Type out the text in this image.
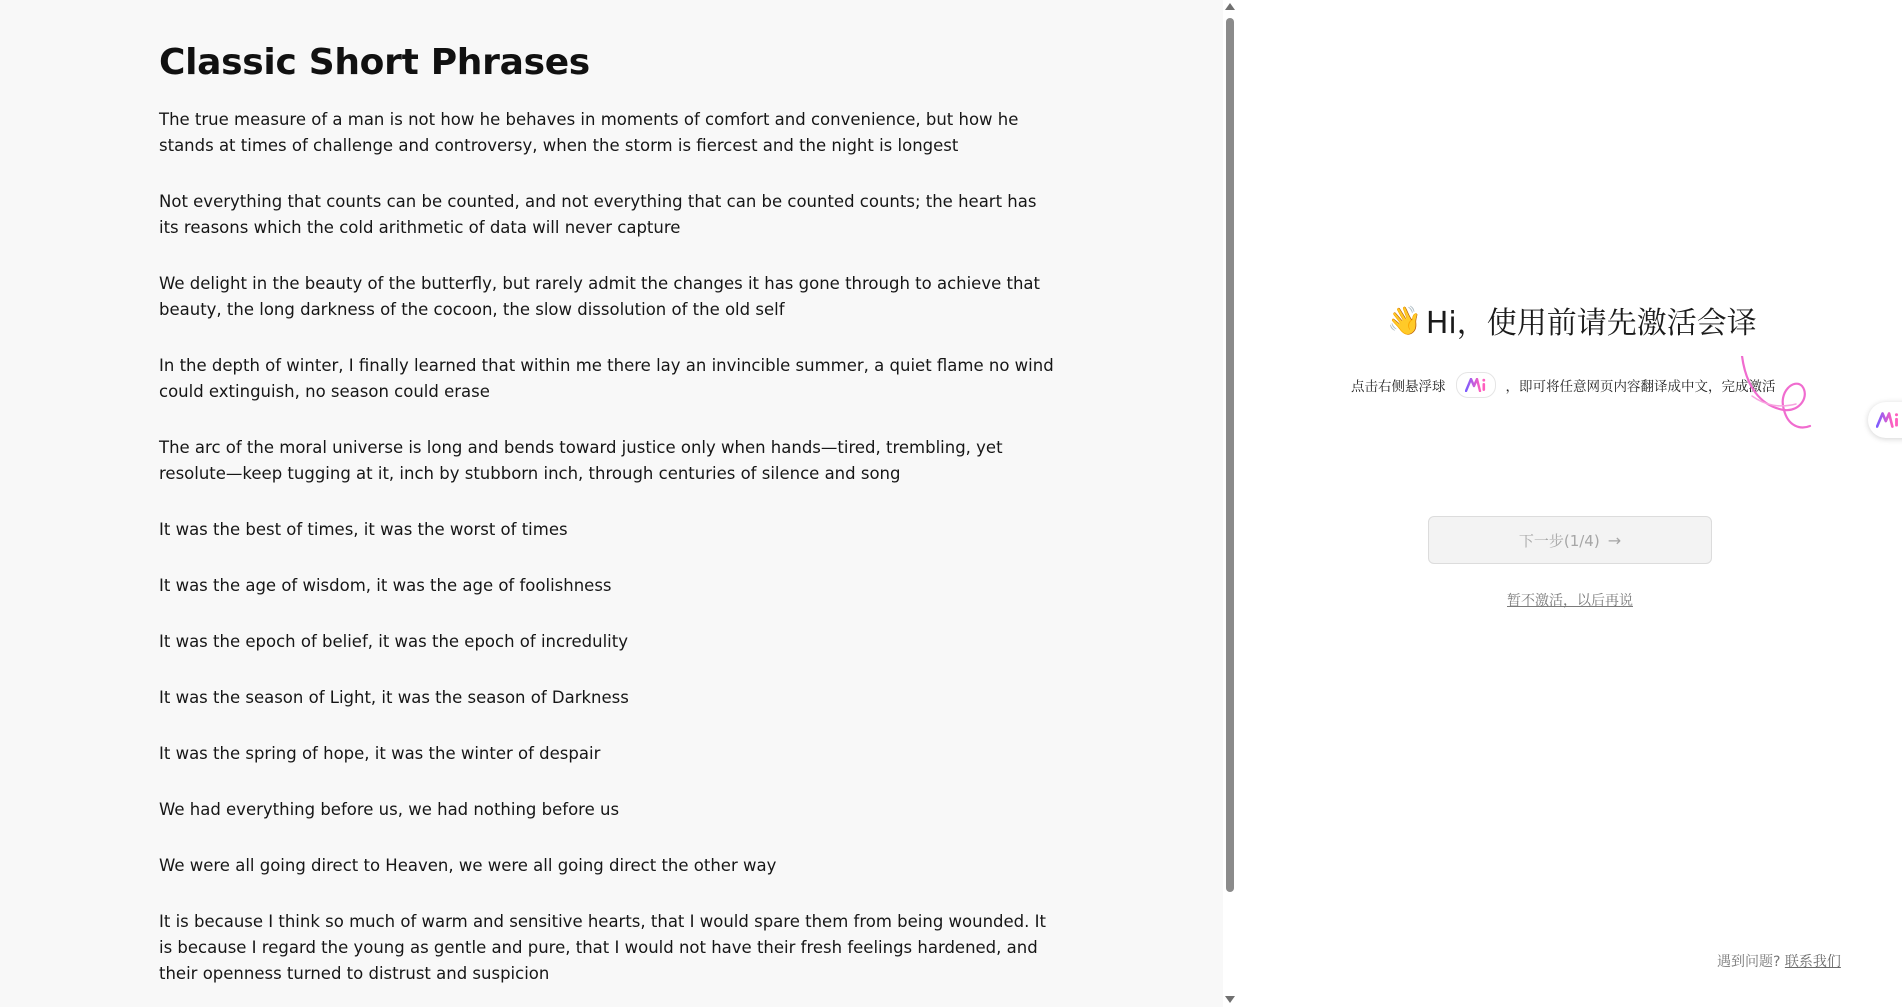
Classic Short Phrases

The true measure of a man is not how he behaves in moments of comfort and convenience, but how he stands at times of challenge and controversy, when the storm is fiercest and the night is longest

Not everything that counts can be counted, and not everything that can be counted counts; the heart has its reasons which the cold arithmetic of data will never capture

We delight in the beauty of the butterfly, but rarely admit the changes it has gone through to achieve that beauty, the long darkness of the cocoon, the slow dissolution of the old self

In the depth of winter, I finally learned that within me there lay an invincible summer, a quiet flame no wind could extinguish, no season could erase

The arc of the moral universe is long and bends toward justice only when hands—tired, trembling, yet resolute—keep tugging at it, inch by stubborn inch, through centuries of silence and song

It was the best of times, it was the worst of times

It was the age of wisdom, it was the age of foolishness

It was the epoch of belief, it was the epoch of incredulity

It was the season of Light, it was the season of Darkness

It was the spring of hope, it was the winter of despair

We had everything before us, we had nothing before us

We were all going direct to Heaven, we were all going direct the other way

It is because I think so much of warm and sensitive hearts, that I would spare them from being wounded. It is because I regard the young as gentle and pure, that I would not have their fresh feelings hardened, and their openness turned to distrust and suspicion

👋 Hi，使用前请先激活会译
点击右侧悬浮球	，即可将任意网页内容翻译成中文，完成激活
下一步(1/4) →
暂不激活，以后再说
遇到问题? 联系我们
